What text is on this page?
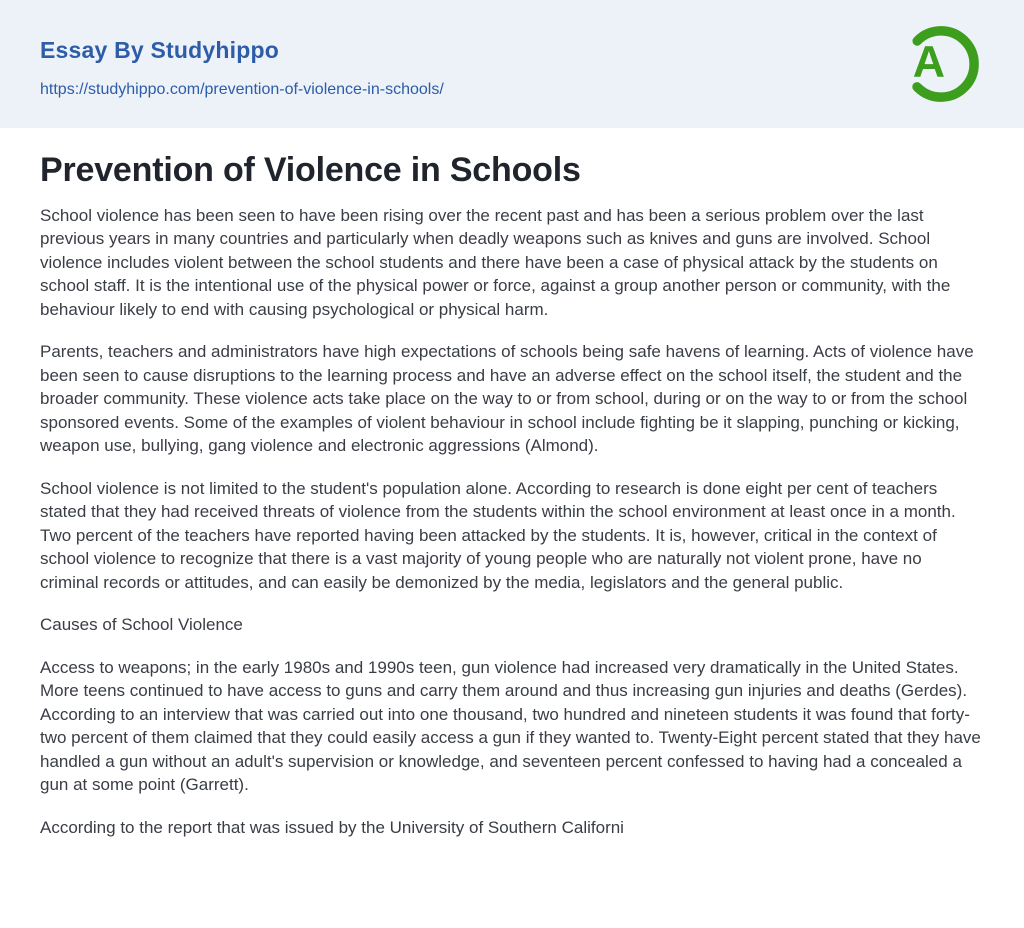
Essay By Studyhippo
https://studyhippo.com/prevention-of-violence-in-schools/
A
Prevention of Violence in Schools

School violence has been seen to have been rising over the recent past and has been a serious problem over the last previous years in many countries and particularly when deadly weapons such as knives and guns are involved. School violence includes violent between the school students and there have been a case of physical attack by the students on school staff. It is the intentional use of the physical power or force, against a group another person or community, with the behaviour likely to end with causing psychological or physical harm.

Parents, teachers and administrators have high expectations of schools being safe havens of learning. Acts of violence have been seen to cause disruptions to the learning process and have an adverse effect on the school itself, the student and the broader community. These violence acts take place on the way to or from school, during or on the way to or from the school sponsored events. Some of the examples of violent behaviour in school include fighting be it slapping, punching or kicking, weapon use, bullying, gang violence and electronic aggressions (Almond).

School violence is not limited to the student's population alone. According to research is done eight per cent of teachers stated that they had received threats of violence from the students within the school environment at least once in a month. Two percent of the teachers have reported having been attacked by the students. It is, however, critical in the context of school violence to recognize that there is a vast majority of young people who are naturally not violent prone, have no criminal records or attitudes, and can easily be demonized by the media, legislators and the general public.

Causes of School Violence

Access to weapons; in the early 1980s and 1990s teen, gun violence had increased very dramatically in the United States. More teens continued to have access to guns and carry them around and thus increasing gun injuries and deaths (Gerdes). According to an interview that was carried out into one thousand, two hundred and nineteen students it was found that forty-two percent of them claimed that they could easily access a gun if they wanted to. Twenty-Eight percent stated that they have handled a gun without an adult's supervision or knowledge, and seventeen percent confessed to having had a concealed a gun at some point (Garrett).

According to the report that was issued by the University of Southern Californi
